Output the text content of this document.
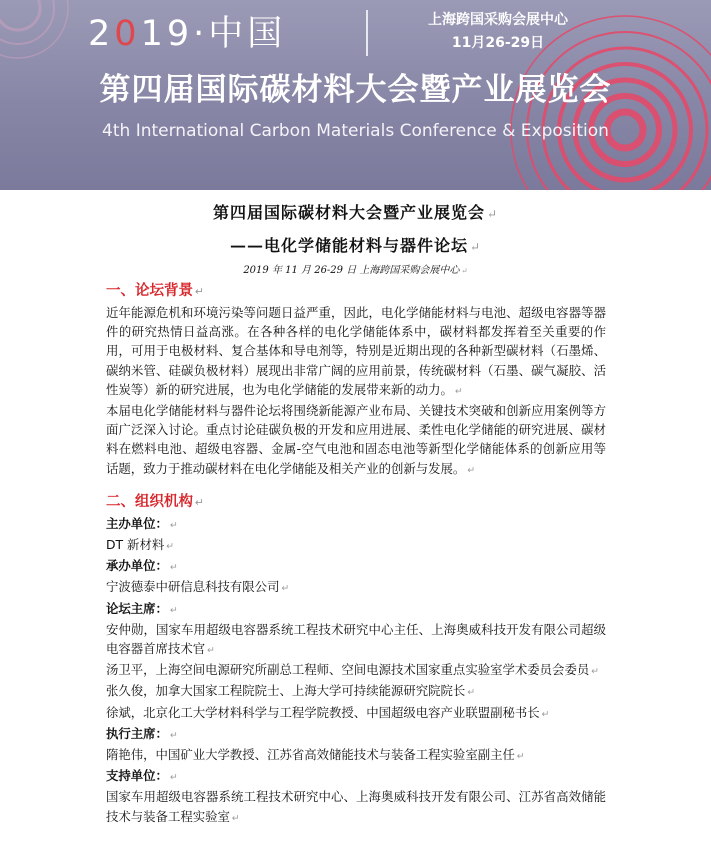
2019·中国	上海跨国采购会展中心
11月26-29日
第四届国际碳材料大会暨产业展览会
4th International Carbon Materials Conference & Exposition
第四届国际碳材料大会暨产业展览会 ↵
——电化学储能材料与器件论坛 ↵
2019 年 11 月 26-29 日 上海跨国采购会展中心 ↵

一、论坛背景 ↵

近年能源危机和环境污染等问题日益严重，因此，电化学储能材料与电池、超级电容器等器件的研究热情日益高涨。在各种各样的电化学储能体系中，碳材料都发挥着至关重要的作用，可用于电极材料、复合基体和导电剂等，特别是近期出现的各种新型碳材料（石墨烯、碳纳米管、硅碳负极材料）展现出非常广阔的应用前景，传统碳材料（石墨、碳气凝胶、活性炭等）新的研究进展，也为电化学储能的发展带来新的动力。 ↵

本届电化学储能材料与器件论坛将围绕新能源产业布局、关键技术突破和创新应用案例等方面广泛深入讨论。重点讨论硅碳负极的开发和应用进展、柔性电化学储能的研究进展、碳材料在燃料电池、超级电容器、金属-空气电池和固态电池等新型化学储能体系的创新应用等话题，致力于推动碳材料在电化学储能及相关产业的创新与发展。 ↵

二、组织机构 ↵

主办单位： ↵

DT 新材料 ↵

承办单位： ↵

宁波德泰中研信息科技有限公司 ↵

论坛主席： ↵

安仲勋，国家车用超级电容器系统工程技术研究中心主任、上海奥威科技开发有限公司超级电容器首席技术官 ↵

汤卫平，上海空间电源研究所副总工程师、空间电源技术国家重点实验室学术委员会委员 ↵

张久俊，加拿大国家工程院院士、上海大学可持续能源研究院院长 ↵

徐斌，北京化工大学材料科学与工程学院教授、中国超级电容产业联盟副秘书长 ↵

执行主席： ↵

隋艳伟，中国矿业大学教授、江苏省高效储能技术与装备工程实验室副主任 ↵

支持单位： ↵

国家车用超级电容器系统工程技术研究中心、上海奥威科技开发有限公司、江苏省高效储能技术与装备工程实验室 ↵
